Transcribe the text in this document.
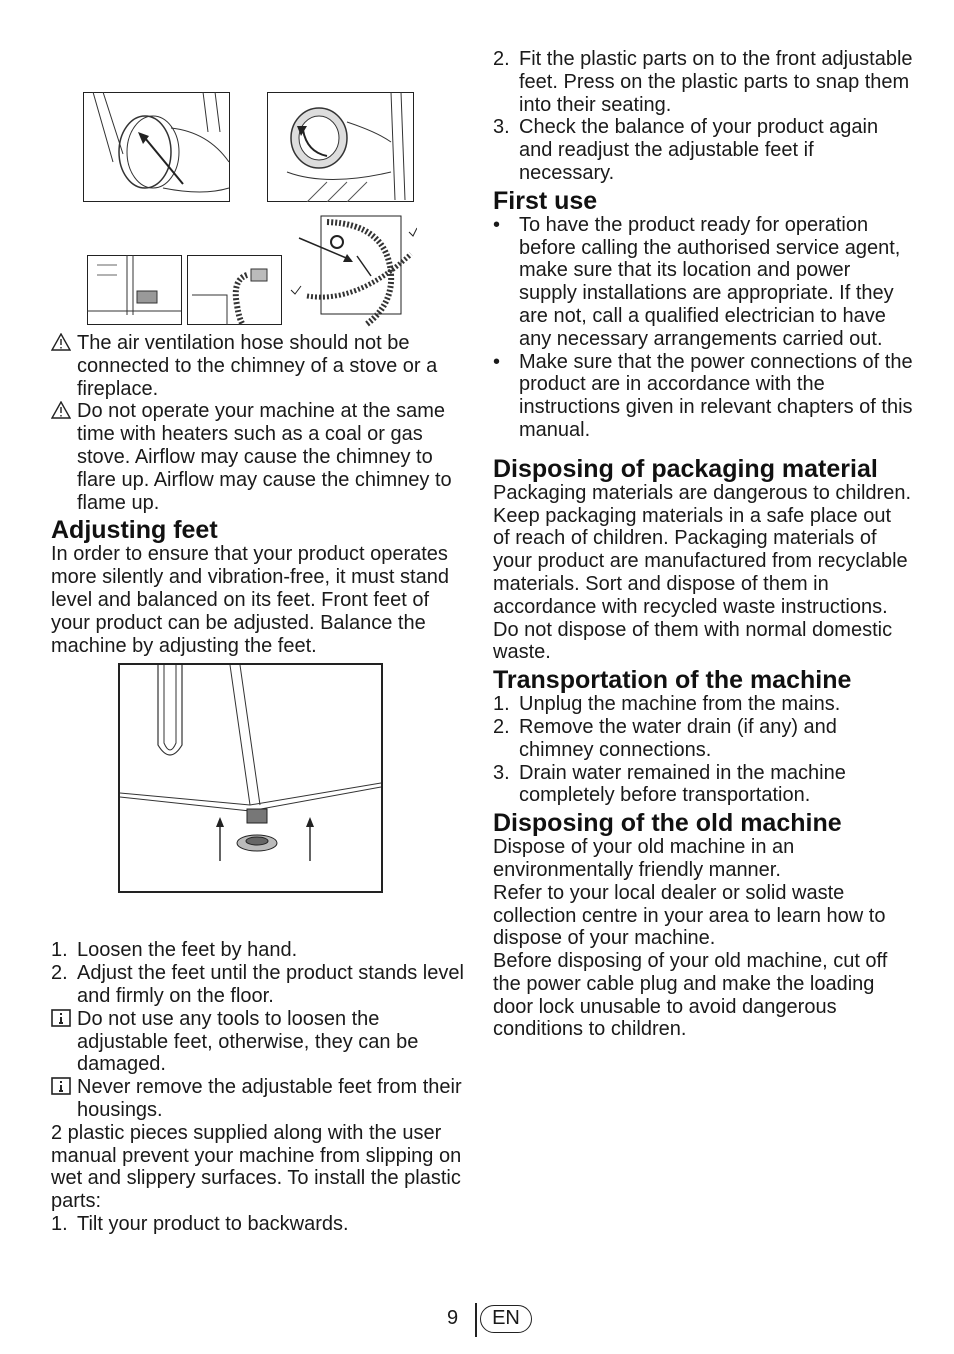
The air ventilation hose should not be connected to the chimney of a stove or a fireplace.

Do not operate your machine at the same time with heaters such as a coal or gas stove. Airflow may cause the chimney to flare up. Airflow may cause the chimney to flame up.

Adjusting feet

In order to ensure that your product operates more silently and vibration-free, it must stand level and balanced on its feet. Front feet of your product can be adjusted. Balance the machine by adjusting the feet.

1. Loosen the feet by hand.

2. Adjust the feet until the product stands level and firmly on the floor.

Do not use any tools to loosen the adjustable feet, otherwise, they can be damaged.

Never remove the adjustable feet from their housings.

2 plastic pieces supplied along with the user manual prevent your machine from slipping on wet and slippery surfaces. To install the plastic parts:

1. Tilt your product to backwards.

2. Fit the plastic parts on to the front adjustable feet. Press on the plastic parts to snap them into their seating.

3. Check the balance of your product again and readjust the adjustable feet if necessary.

First use

• To have the product ready for operation before calling the authorised service agent, make sure that its location and power supply installations are appropriate. If they are not, call a qualified electrician to have any necessary arrangements carried out.

• Make sure that the power connections of the product are in accordance with the instructions given in relevant chapters of this manual.

Disposing of packaging material

Packaging materials are dangerous to children. Keep packaging materials in a safe place out of reach of children. Packaging materials of your product are manufactured from recyclable materials. Sort and dispose of them in accordance with recycled waste instructions. Do not dispose of them with normal domestic waste.

Transportation of the machine

1. Unplug the machine from the mains.

2. Remove the water drain (if any) and chimney connections.

3. Drain water remained in the machine completely before transportation.

Disposing of the old machine

Dispose of your old machine in an environmentally friendly manner.

Refer to your local dealer or solid waste collection centre in your area to learn how to dispose of your machine.

Before disposing of your old machine, cut off the power cable plug and make the loading door lock unusable to avoid dangerous conditions to children.

9	EN
